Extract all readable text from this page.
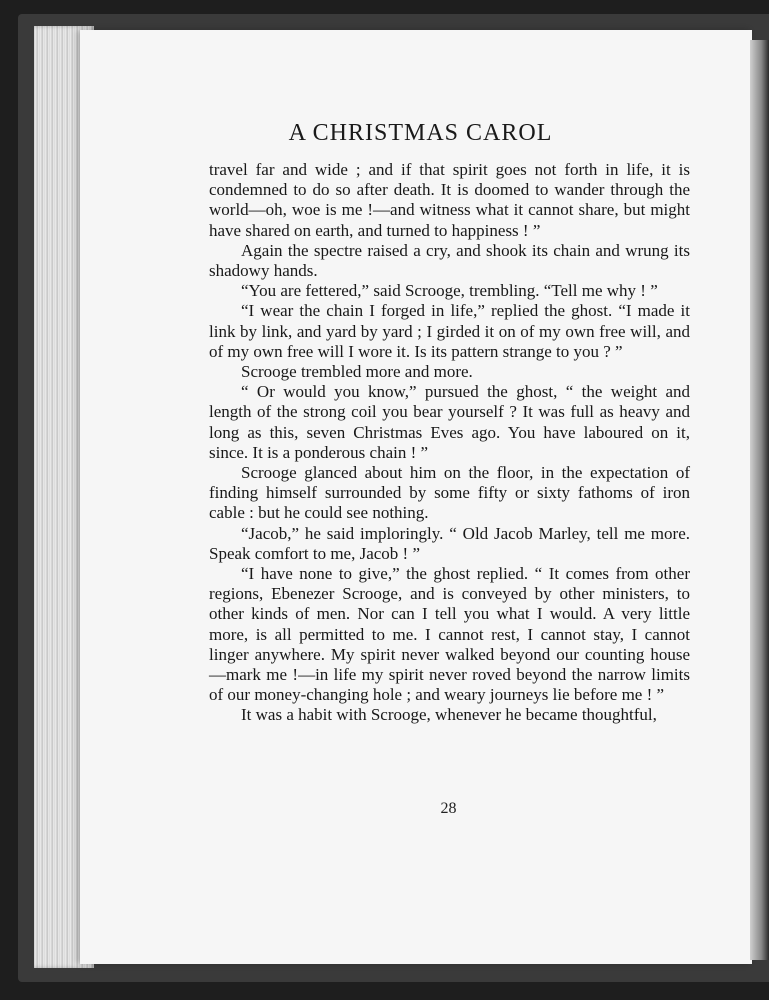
A CHRISTMAS CAROL

travel far and wide ; and if that spirit goes not forth in life, it is condemned to do so after death. It is doomed to wander through the world—oh, woe is me !—and witness what it cannot share, but might have shared on earth, and turned to happiness ! ”

Again the spectre raised a cry, and shook its chain and wrung its shadowy hands.

“You are fettered,” said Scrooge, trembling. “Tell me why ! ”

“I wear the chain I forged in life,” replied the ghost. “I made it link by link, and yard by yard ; I girded it on of my own free will, and of my own free will I wore it. Is its pattern strange to you ? ”

Scrooge trembled more and more.

“ Or would you know,” pursued the ghost, “ the weight and length of the strong coil you bear yourself ? It was full as heavy and long as this, seven Christmas Eves ago. You have laboured on it, since. It is a ponderous chain ! ”

Scrooge glanced about him on the floor, in the expectation of finding himself surrounded by some fifty or sixty fathoms of iron cable : but he could see nothing.

“Jacob,” he said imploringly. “ Old Jacob Marley, tell me more. Speak comfort to me, Jacob ! ”

“I have none to give,” the ghost replied. “ It comes from other regions, Ebenezer Scrooge, and is conveyed by other ministers, to other kinds of men. Nor can I tell you what I would. A very little more, is all permitted to me. I cannot rest, I cannot stay, I cannot linger anywhere. My spirit never walked beyond our counting house—mark me !—in life my spirit never roved beyond the narrow limits of our money-changing hole ; and weary journeys lie before me ! ”

It was a habit with Scrooge, whenever he became thoughtful,

28
